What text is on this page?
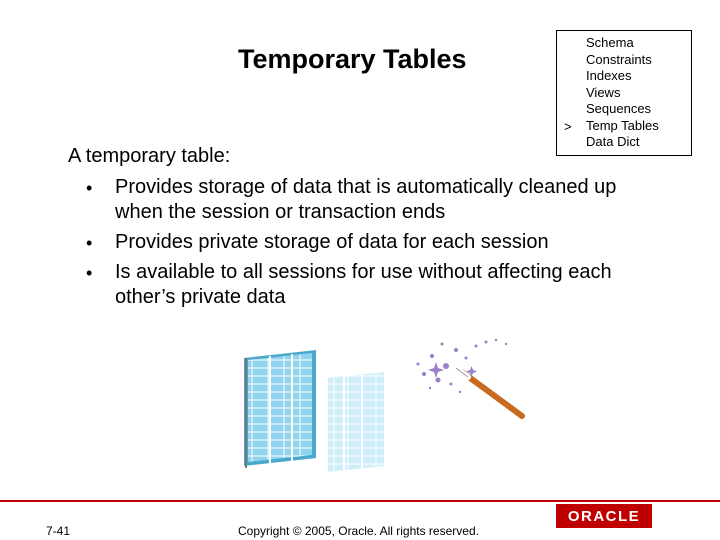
Temporary Tables
>
Schema
Constraints
Indexes
Views
Sequences
Temp Tables
Data Dict
A temporary table:
• Provides storage of data that is automatically cleaned up when the session or transaction ends
• Provides private storage of data for each session
• Is available to all sessions for use without affecting each other’s private data
7-41	Copyright © 2005, Oracle. All rights reserved.
ORACLE
